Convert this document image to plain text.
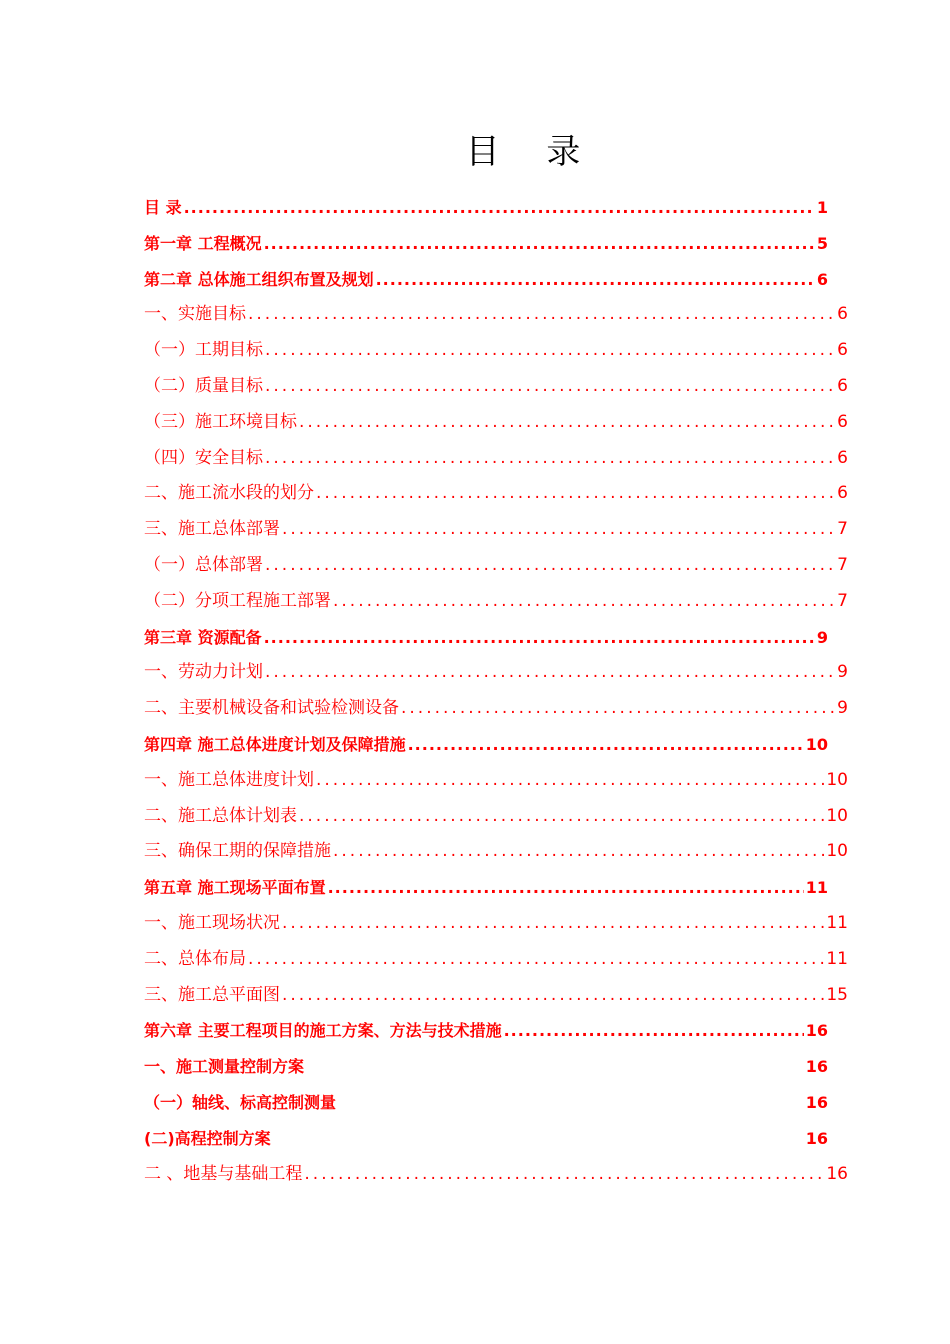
目 录
目 录 .....	1
第一章 工程概况 .....	5
第二章 总体施工组织布置及规划 .....	6
一、实施目标 .....	6
（一）工期目标 .....	6
（二）质量目标 .....	6
（三）施工环境目标 .....	6
（四）安全目标 .....	6
二、施工流水段的划分 .....	6
三、施工总体部署 .....	7
（一）总体部署 .....	7
（二）分项工程施工部署 .....	7
第三章 资源配备 .....	9
一、劳动力计划 .....	9
二、主要机械设备和试验检测设备 .....	9
第四章 施工总体进度计划及保障措施 .....	10
一、施工总体进度计划 .....	10
二、施工总体计划表 .....	10
三、确保工期的保障措施 .....	10
第五章 施工现场平面布置 .....	11
一、施工现场状况 .....	11
二、总体布局 .....	11
三、施工总平面图 .....	15
第六章 主要工程项目的施工方案、方法与技术措施 .....	16
一、施工测量控制方案	16
（一）轴线、标高控制测量	16
(二)高程控制方案	16
二 、地基与基础工程 .....	16
